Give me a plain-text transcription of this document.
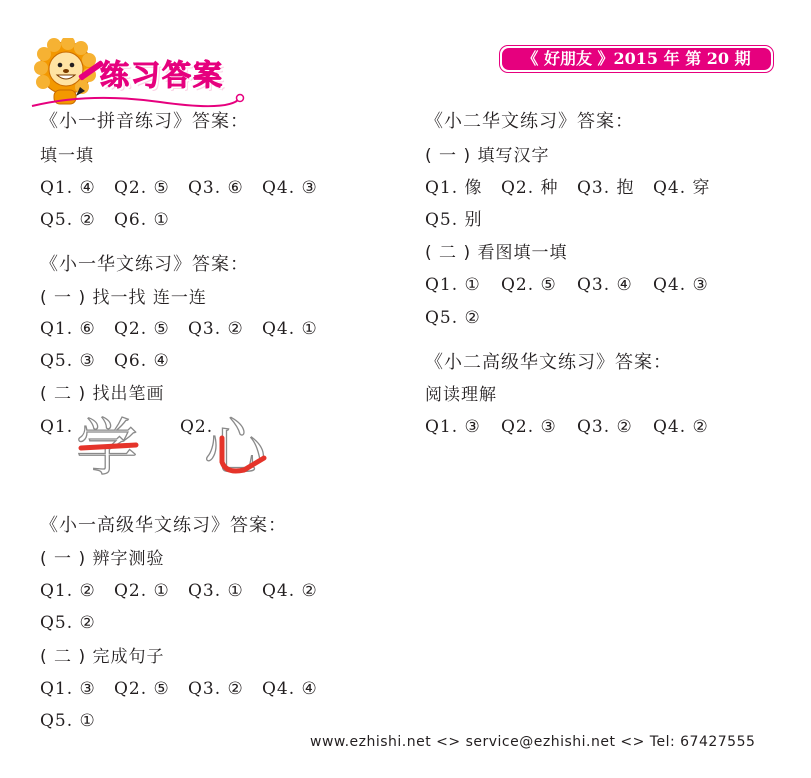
练习答案	《 好朋友 》2015 年 第 20 期
《小一拼音练习》答案：
填一填
Q1. ④ Q2. ⑤ Q3. ⑥ Q4. ③
Q5. ② Q6. ①
《小一华文练习》答案：
( 一 ) 找一找 连一连
Q1. ⑥ Q2. ⑤ Q3. ② Q4. ①
Q5. ③ Q6. ④
( 二 ) 找出笔画
Q1. 学 Q2.
心
《小一高级华文练习》答案：
( 一 ) 辨字测验
Q1. ② Q2. ① Q3. ① Q4. ②
Q5. ②
( 二 ) 完成句子
Q1. ③ Q2. ⑤ Q3. ② Q4. ④
Q5. ①
《小二华文练习》答案：
( 一 ) 填写汉字
Q1. 像 Q2. 种 Q3. 抱 Q4. 穿
Q5. 别
( 二 ) 看图填一填
Q1. ① Q2. ⑤ Q3. ④ Q4. ③
Q5. ②
《小二高级华文练习》答案：
阅读理解
Q1. ③ Q2. ③ Q3. ② Q4. ②
www.ezhishi.net <> service@ezhishi.net <> Tel: 67427555
